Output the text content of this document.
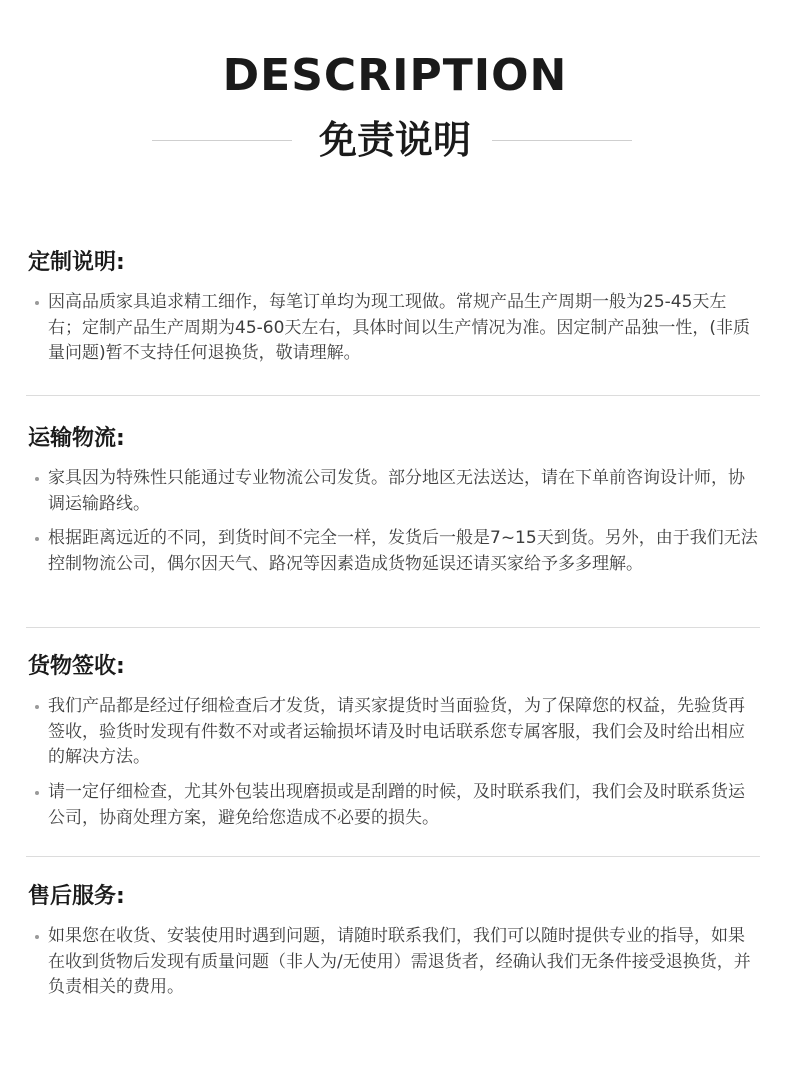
DESCRIPTION
免责说明
定制说明:
因高品质家具追求精工细作，每笔订单均为现工现做。常规产品生产周期一般为25-45天左右；定制产品生产周期为45-60天左右，具体时间以生产情况为准。因定制产品独一性，(非质量问题)暂不支持任何退换货，敬请理解。
运输物流:
家具因为特殊性只能通过专业物流公司发货。部分地区无法送达，请在下单前咨询设计师，协调运输路线。
根据距离远近的不同，到货时间不完全一样，发货后一般是7~15天到货。另外，由于我们无法控制物流公司，偶尔因天气、路况等因素造成货物延误还请买家给予多多理解。
货物签收:
我们产品都是经过仔细检查后才发货，请买家提货时当面验货，为了保障您的权益，先验货再签收，验货时发现有件数不对或者运输损坏请及时电话联系您专属客服，我们会及时给出相应的解决方法。
请一定仔细检查，尤其外包装出现磨损或是刮蹭的时候，及时联系我们，我们会及时联系货运公司，协商处理方案，避免给您造成不必要的损失。
售后服务:
如果您在收货、安装使用时遇到问题，请随时联系我们，我们可以随时提供专业的指导，如果在收到货物后发现有质量问题（非人为/无使用）需退货者，经确认我们无条件接受退换货，并负责相关的费用。
